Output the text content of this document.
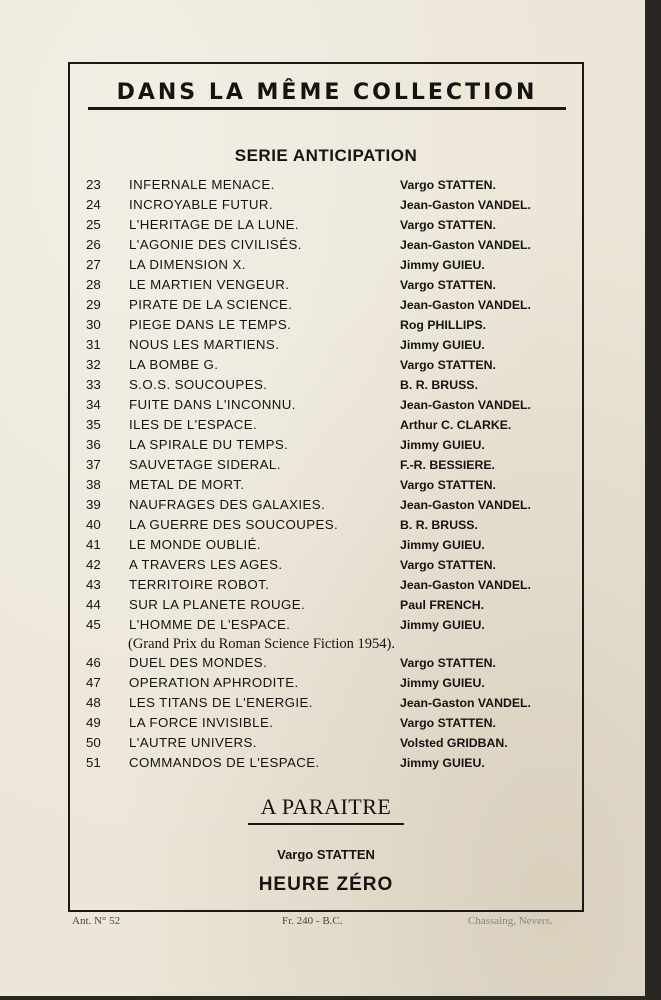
DANS LA MÊME COLLECTION
SERIE ANTICIPATION
23 INFERNALE MENACE.	Vargo STATTEN.
24 INCROYABLE FUTUR.	Jean-Gaston VANDEL.
25 L'HERITAGE DE LA LUNE.	Vargo STATTEN.
26 L'AGONIE DES CIVILISÉS.	Jean-Gaston VANDEL.
27 LA DIMENSION X.	Jimmy GUIEU.
28 LE MARTIEN VENGEUR.	Vargo STATTEN.
29 PIRATE DE LA SCIENCE.	Jean-Gaston VANDEL.
30 PIEGE DANS LE TEMPS.	Rog PHILLIPS.
31 NOUS LES MARTIENS.	Jimmy GUIEU.
32 LA BOMBE G.	Vargo STATTEN.
33 S.O.S. SOUCOUPES.	B. R. BRUSS.
34 FUITE DANS L'INCONNU.	Jean-Gaston VANDEL.
35 ILES DE L'ESPACE.	Arthur C. CLARKE.
36 LA SPIRALE DU TEMPS.	Jimmy GUIEU.
37 SAUVETAGE SIDERAL.	F.-R. BESSIERE.
38 METAL DE MORT.	Vargo STATTEN.
39 NAUFRAGES DES GALAXIES.	Jean-Gaston VANDEL.
40 LA GUERRE DES SOUCOUPES.	B. R. BRUSS.
41 LE MONDE OUBLIÉ.	Jimmy GUIEU.
42 A TRAVERS LES AGES.	Vargo STATTEN.
43 TERRITOIRE ROBOT.	Jean-Gaston VANDEL.
44 SUR LA PLANETE ROUGE.	Paul FRENCH.
45 L'HOMME DE L'ESPACE.	Jimmy GUIEU.
46 DUEL DES MONDES.	Vargo STATTEN.
47 OPERATION APHRODITE.	Jimmy GUIEU.
48 LES TITANS DE L'ENERGIE.	Jean-Gaston VANDEL.
49 LA FORCE INVISIBLE.	Vargo STATTEN.
50 L'AUTRE UNIVERS.	Volsted GRIDBAN.
51 COMMANDOS DE L'ESPACE.	Jimmy GUIEU.
(Grand Prix du Roman Science Fiction 1954).
A PARAITRE
Vargo STATTEN
HEURE ZÉRO
Ant. N° 52	Fr. 240 - B.C.	Chassaing, Nevers.
